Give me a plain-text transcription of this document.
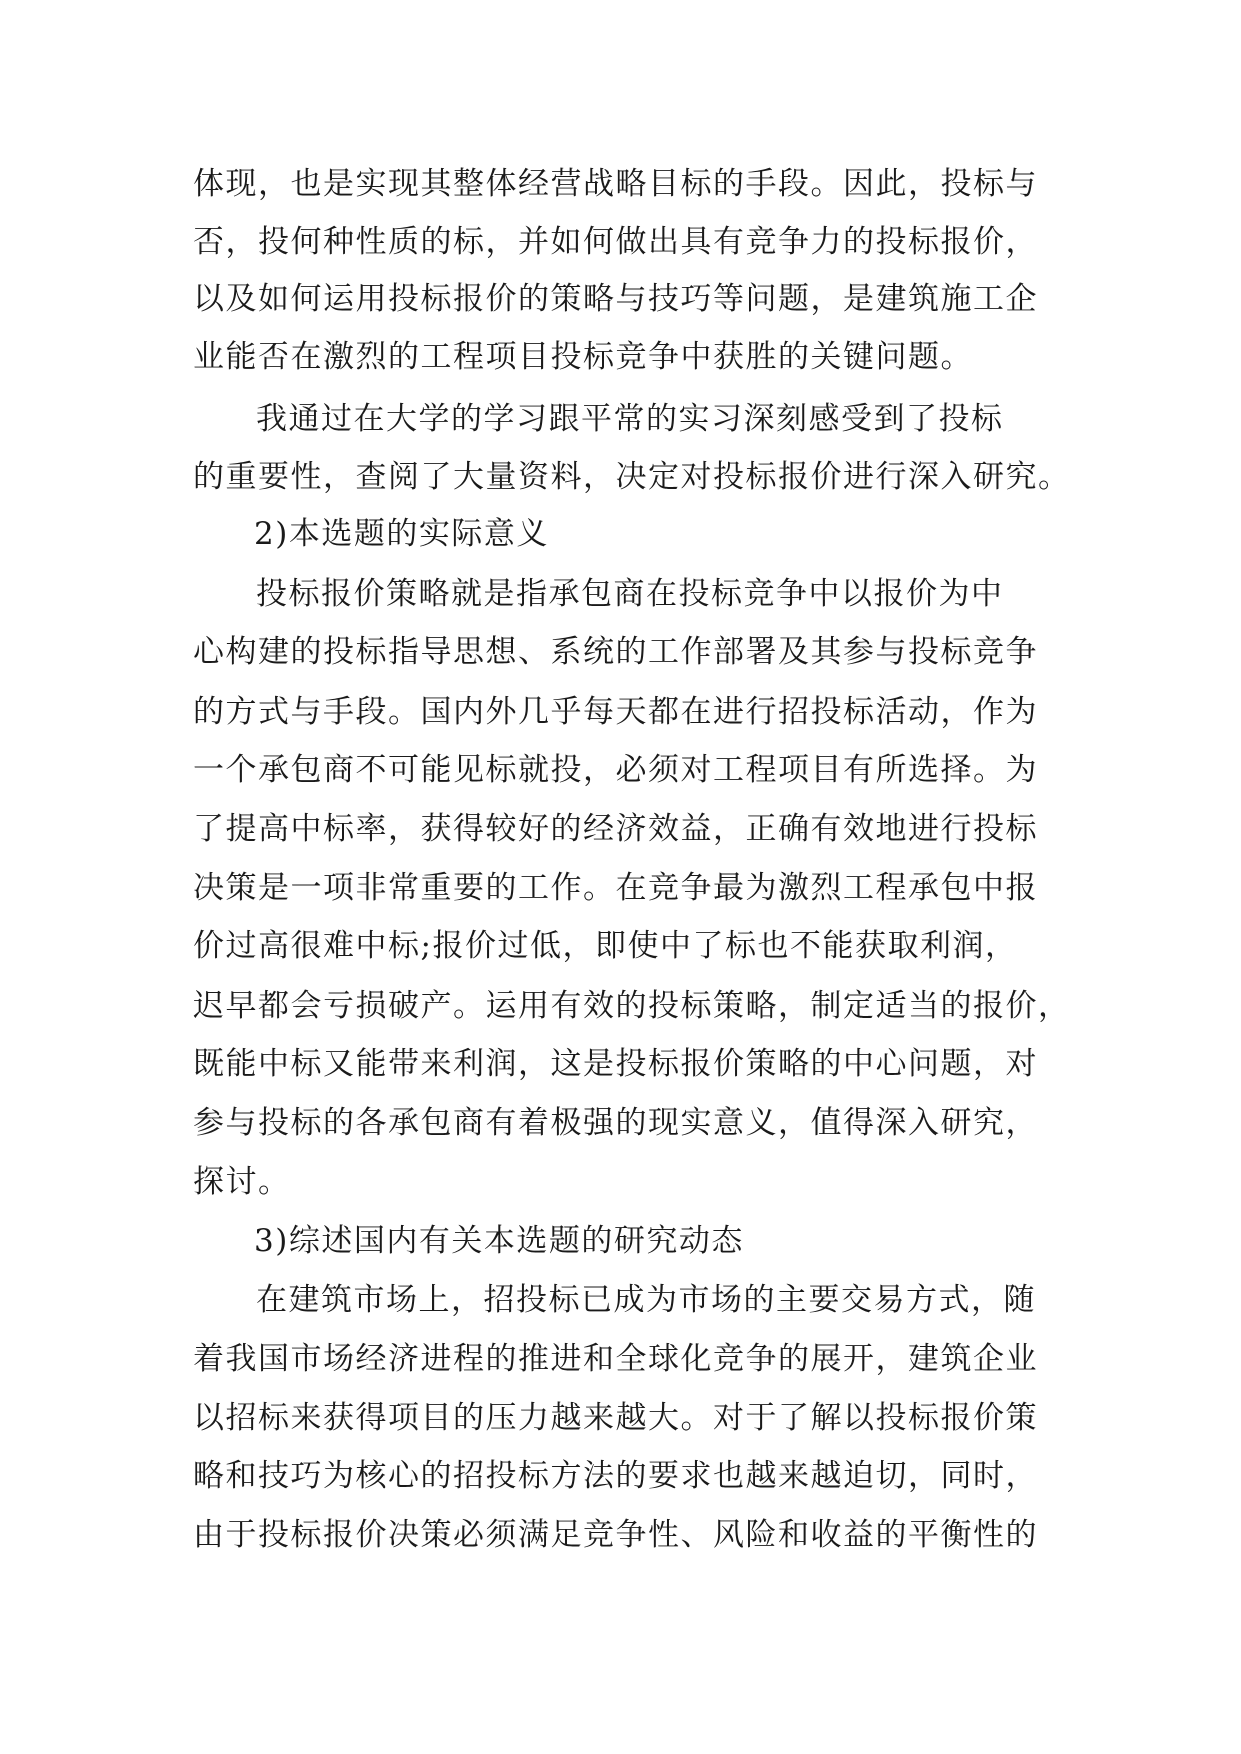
体现，也是实现其整体经营战略目标的手段。因此，投标与
否，投何种性质的标，并如何做出具有竞争力的投标报价，
以及如何运用投标报价的策略与技巧等问题，是建筑施工企
业能否在激烈的工程项目投标竞争中获胜的关键问题。
我通过在大学的学习跟平常的实习深刻感受到了投标
的重要性，查阅了大量资料，决定对投标报价进行深入研究。
2)本选题的实际意义
投标报价策略就是指承包商在投标竞争中以报价为中
心构建的投标指导思想、系统的工作部署及其参与投标竞争
的方式与手段。国内外几乎每天都在进行招投标活动，作为
一个承包商不可能见标就投，必须对工程项目有所选择。为
了提高中标率，获得较好的经济效益，正确有效地进行投标
决策是一项非常重要的工作。在竞争最为激烈工程承包中报
价过高很难中标;报价过低，即使中了标也不能获取利润，
迟早都会亏损破产。运用有效的投标策略，制定适当的报价，
既能中标又能带来利润，这是投标报价策略的中心问题，对
参与投标的各承包商有着极强的现实意义，值得深入研究，
探讨。
3)综述国内有关本选题的研究动态
在建筑市场上，招投标已成为市场的主要交易方式，随
着我国市场经济进程的推进和全球化竞争的展开，建筑企业
以招标来获得项目的压力越来越大。对于了解以投标报价策
略和技巧为核心的招投标方法的要求也越来越迫切，同时，
由于投标报价决策必须满足竞争性、风险和收益的平衡性的
